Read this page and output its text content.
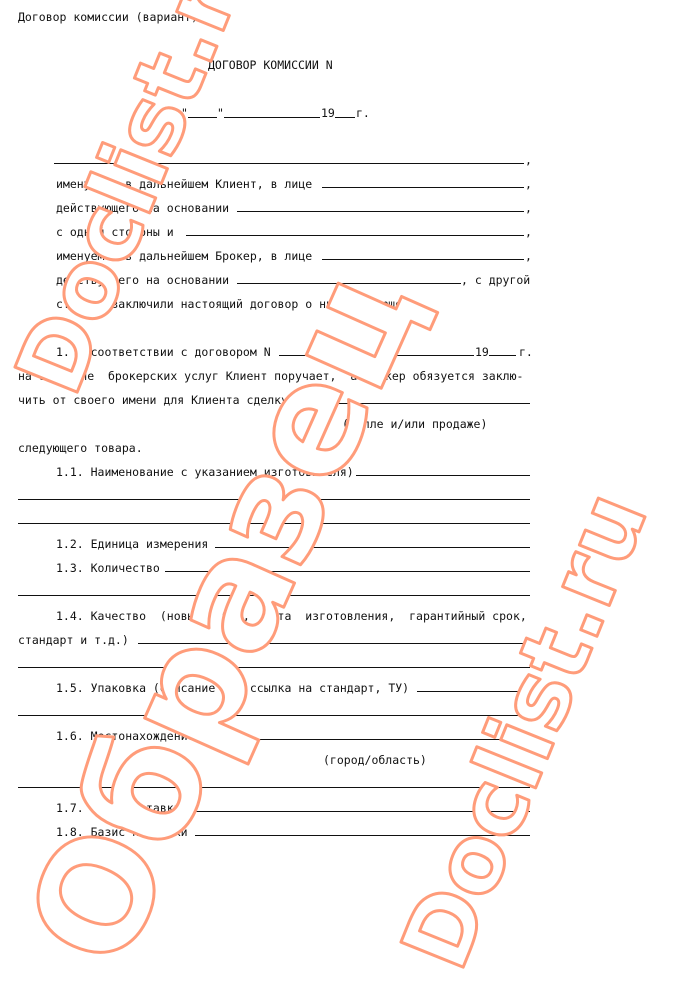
Договор комиссии (вариант)
ДОГОВОР КОМИССИИ N
"	"	19 г.
,
именуемое в дальнейшем Клиент, в лице	,
действующего на основании	,
с одной стороны и	,
именуемое в дальнейшем Брокер, в лице	,
действующего на основании	, с другой
стороны заключили настоящий договор о нижеследующем:
1. В соответствии с договором N	от "	"	19	г.
на оказание  брокерских услуг Клиент поручает,  а Брокер обязуется заклю-
чить от своего имени для Клиента сделку по
(купле и/или продаже)
следующего товара.
1.1. Наименование с указанием изготовителя)
1.2. Единица измерения
1.3. Количество
1.4. Качество  (новый,  б/у,  дата  изготовления,  гарантийный срок,
стандарт и т.д.)
1.5. Упаковка (описание или ссылка на стандарт, ТУ)
1.6. Местонахождение товара
(город/область)
1.7. Срок поставки
1.8. Базис поставки
